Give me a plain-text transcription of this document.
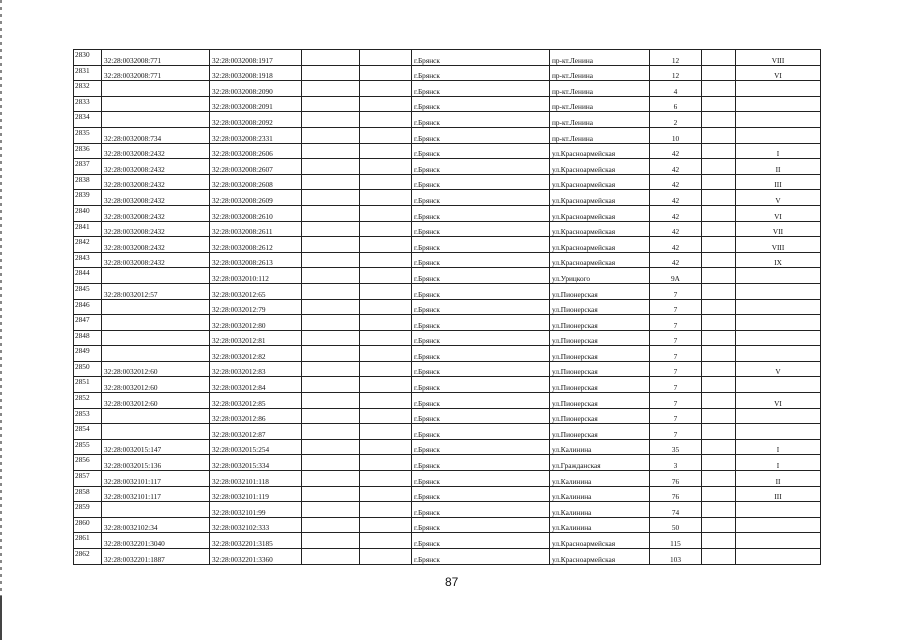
2830	32:28:0032008:771	32:28:0032008:1917			г.Брянск	пр-кт.Ленина	12		VIII
2831	32:28:0032008:771	32:28:0032008:1918			г.Брянск	пр-кт.Ленина	12		VI
2832		32:28:0032008:2090			г.Брянск	пр-кт.Ленина	4		
2833		32:28:0032008:2091			г.Брянск	пр-кт.Ленина	6		
2834		32:28:0032008:2092			г.Брянск	пр-кт.Ленина	2		
2835	32:28:0032008:734	32:28:0032008:2331			г.Брянск	пр-кт.Ленина	10		
2836	32:28:0032008:2432	32:28:0032008:2606			г.Брянск	ул.Красноармейская	42		I
2837	32:28:0032008:2432	32:28:0032008:2607			г.Брянск	ул.Красноармейская	42		II
2838	32:28:0032008:2432	32:28:0032008:2608			г.Брянск	ул.Красноармейская	42		III
2839	32:28:0032008:2432	32:28:0032008:2609			г.Брянск	ул.Красноармейская	42		V
2840	32:28:0032008:2432	32:28:0032008:2610			г.Брянск	ул.Красноармейская	42		VI
2841	32:28:0032008:2432	32:28:0032008:2611			г.Брянск	ул.Красноармейская	42		VII
2842	32:28:0032008:2432	32:28:0032008:2612			г.Брянск	ул.Красноармейская	42		VIII
2843	32:28:0032008:2432	32:28:0032008:2613			г.Брянск	ул.Красноармейская	42		IX
2844		32:28:0032010:112			г.Брянск	ул.Урицкого	9А		
2845	32:28:0032012:57	32:28:0032012:65			г.Брянск	ул.Пионерская	7		
2846		32:28:0032012:79			г.Брянск	ул.Пионерская	7		
2847		32:28:0032012:80			г.Брянск	ул.Пионерская	7		
2848		32:28:0032012:81			г.Брянск	ул.Пионерская	7		
2849		32:28:0032012:82			г.Брянск	ул.Пионерская	7		
2850	32:28:0032012:60	32:28:0032012:83			г.Брянск	ул.Пионерская	7		V
2851	32:28:0032012:60	32:28:0032012:84			г.Брянск	ул.Пионерская	7		
2852	32:28:0032012:60	32:28:0032012:85			г.Брянск	ул.Пионерская	7		VI
2853		32:28:0032012:86			г.Брянск	ул.Пионерская	7		
2854		32:28:0032012:87			г.Брянск	ул.Пионерская	7		
2855	32:28:0032015:147	32:28:0032015:254			г.Брянск	ул.Калинина	35		I
2856	32:28:0032015:136	32:28:0032015:334			г.Брянск	ул.Гражданская	3		I
2857	32:28:0032101:117	32:28:0032101:118			г.Брянск	ул.Калинина	76		II
2858	32:28:0032101:117	32:28:0032101:119			г.Брянск	ул.Калинина	76		III
2859		32:28:0032101:99			г.Брянск	ул.Калинина	74		
2860	32:28:0032102:34	32:28:0032102:333			г.Брянск	ул.Калинина	50		
2861	32:28:0032201:3040	32:28:0032201:3185			г.Брянск	ул.Красноармейская	115		
2862	32:28:0032201:1887	32:28:0032201:3360			г.Брянск	ул.Красноармейская	103		
87
